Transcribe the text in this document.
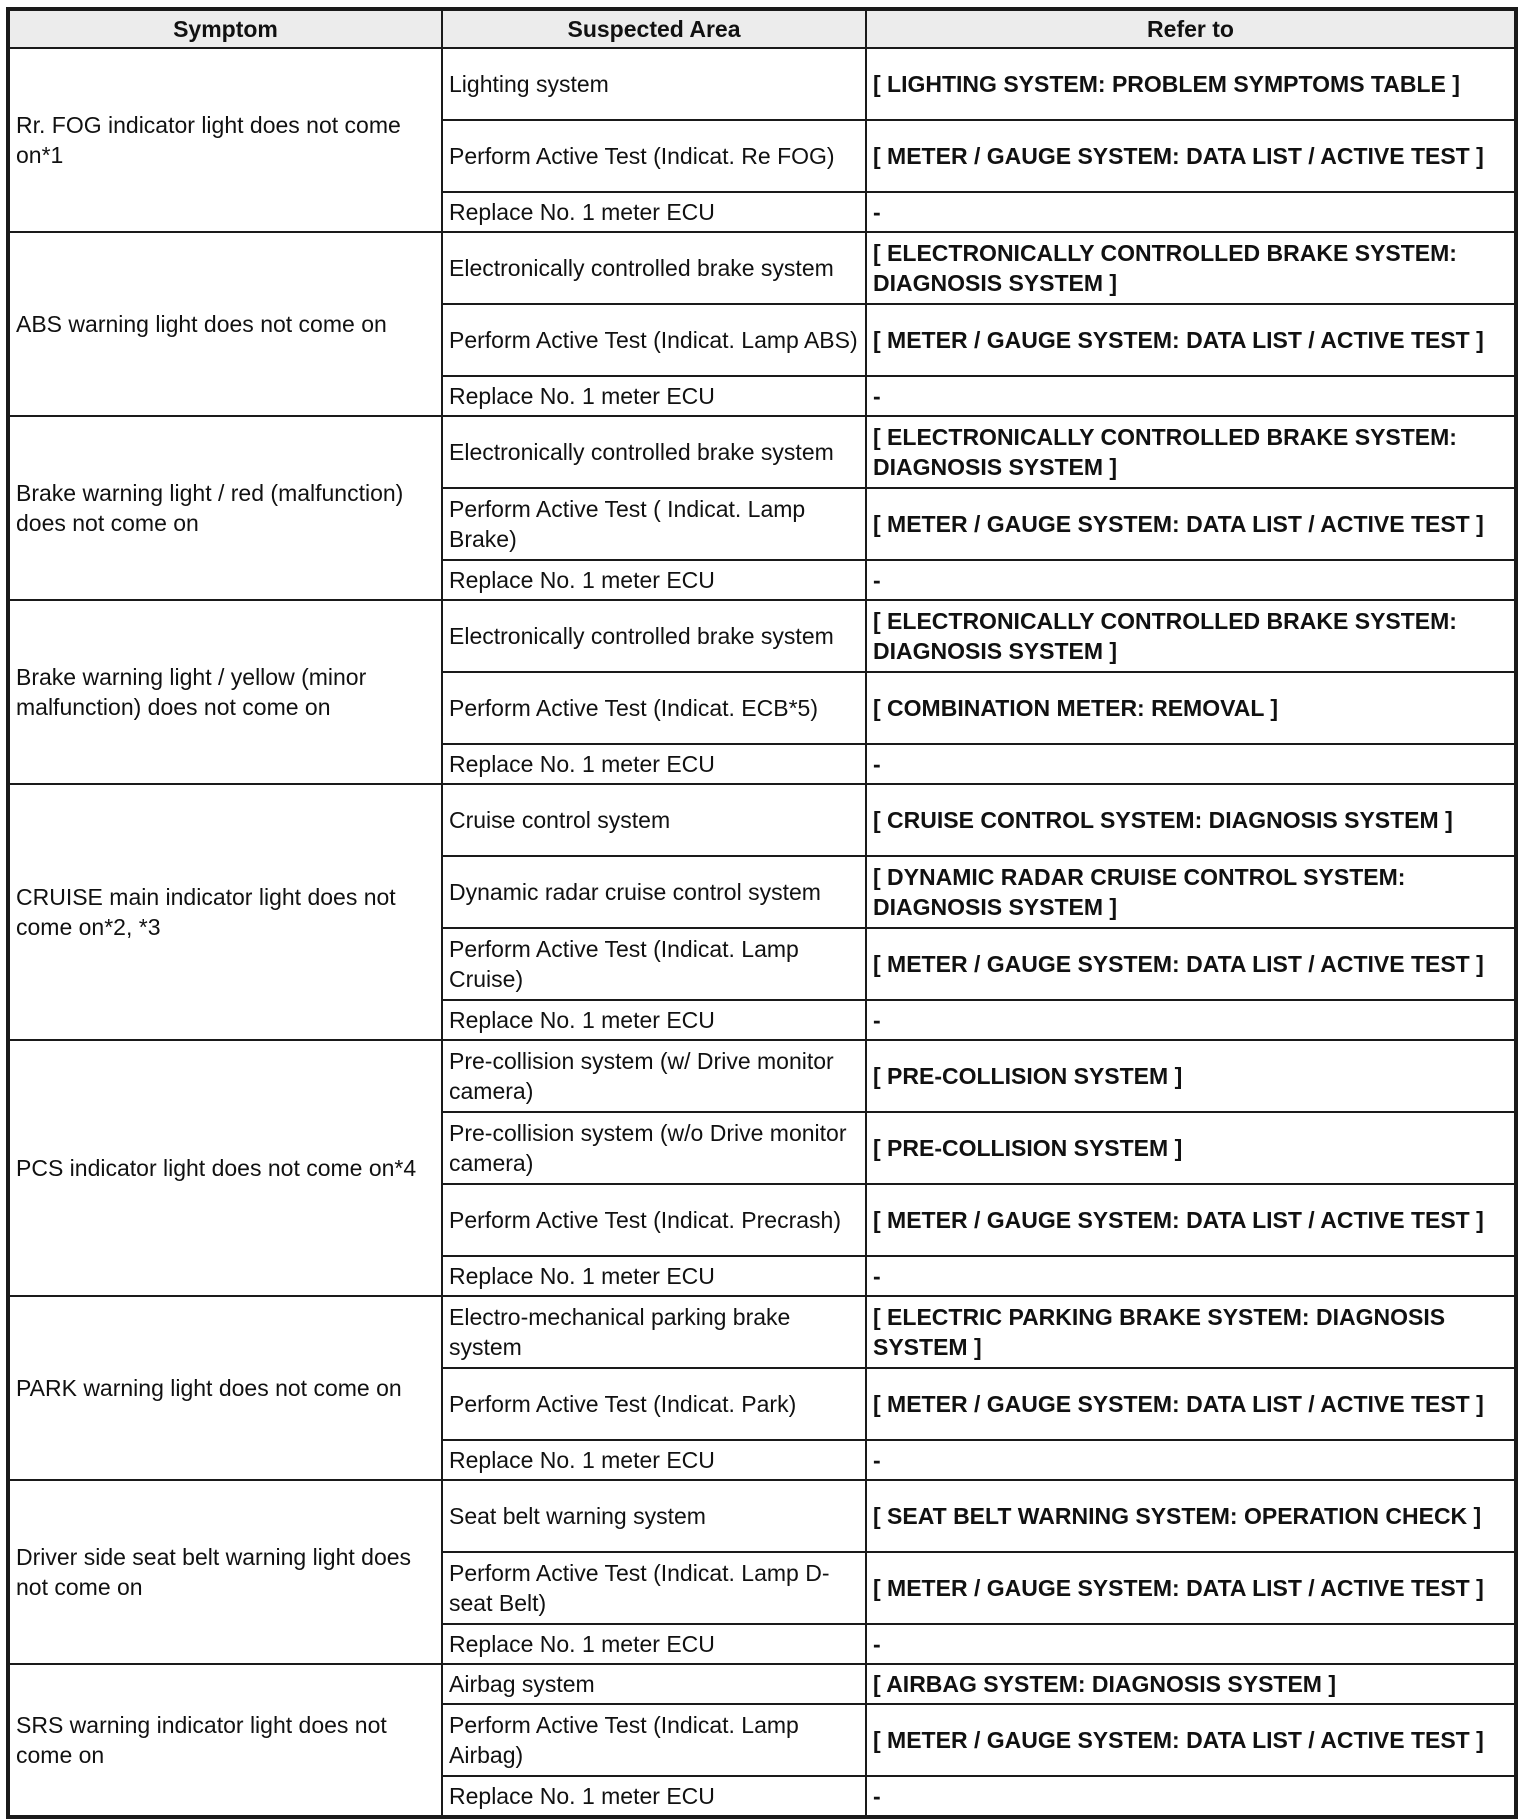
Symptom	Suspected Area	Refer to
Rr. FOG indicator light does not come on*1	Lighting system	[ LIGHTING SYSTEM: PROBLEM SYMPTOMS TABLE ]
	Perform Active Test (Indicat. Re FOG)	[ METER / GAUGE SYSTEM: DATA LIST / ACTIVE TEST ]
	Replace No. 1 meter ECU	-
ABS warning light does not come on	Electronically controlled brake system	[ ELECTRONICALLY CONTROLLED BRAKE SYSTEM: DIAGNOSIS SYSTEM ]
	Perform Active Test (Indicat. Lamp ABS)	[ METER / GAUGE SYSTEM: DATA LIST / ACTIVE TEST ]
	Replace No. 1 meter ECU	-
Brake warning light / red (malfunction) does not come on	Electronically controlled brake system	[ ELECTRONICALLY CONTROLLED BRAKE SYSTEM: DIAGNOSIS SYSTEM ]
	Perform Active Test ( Indicat. Lamp Brake)	[ METER / GAUGE SYSTEM: DATA LIST / ACTIVE TEST ]
	Replace No. 1 meter ECU	-
Brake warning light / yellow (minor malfunction) does not come on	Electronically controlled brake system	[ ELECTRONICALLY CONTROLLED BRAKE SYSTEM: DIAGNOSIS SYSTEM ]
	Perform Active Test (Indicat. ECB*5)	[ COMBINATION METER: REMOVAL ]
	Replace No. 1 meter ECU	-
CRUISE main indicator light does not come on*2, *3	Cruise control system	[ CRUISE CONTROL SYSTEM: DIAGNOSIS SYSTEM ]
	Dynamic radar cruise control system	[ DYNAMIC RADAR CRUISE CONTROL SYSTEM: DIAGNOSIS SYSTEM ]
	Perform Active Test (Indicat. Lamp Cruise)	[ METER / GAUGE SYSTEM: DATA LIST / ACTIVE TEST ]
	Replace No. 1 meter ECU	-
PCS indicator light does not come on*4	Pre-collision system (w/ Drive monitor camera)	[ PRE-COLLISION SYSTEM ]
	Pre-collision system (w/o Drive monitor camera)	[ PRE-COLLISION SYSTEM ]
	Perform Active Test (Indicat. Precrash)	[ METER / GAUGE SYSTEM: DATA LIST / ACTIVE TEST ]
	Replace No. 1 meter ECU	-
PARK warning light does not come on	Electro-mechanical parking brake system	[ ELECTRIC PARKING BRAKE SYSTEM: DIAGNOSIS SYSTEM ]
	Perform Active Test (Indicat. Park)	[ METER / GAUGE SYSTEM: DATA LIST / ACTIVE TEST ]
	Replace No. 1 meter ECU	-
Driver side seat belt warning light does not come on	Seat belt warning system	[ SEAT BELT WARNING SYSTEM: OPERATION CHECK ]
	Perform Active Test (Indicat. Lamp D-seat Belt)	[ METER / GAUGE SYSTEM: DATA LIST / ACTIVE TEST ]
	Replace No. 1 meter ECU	-
SRS warning indicator light does not come on	Airbag system	[ AIRBAG SYSTEM: DIAGNOSIS SYSTEM ]
	Perform Active Test (Indicat. Lamp Airbag)	[ METER / GAUGE SYSTEM: DATA LIST / ACTIVE TEST ]
	Replace No. 1 meter ECU	-
